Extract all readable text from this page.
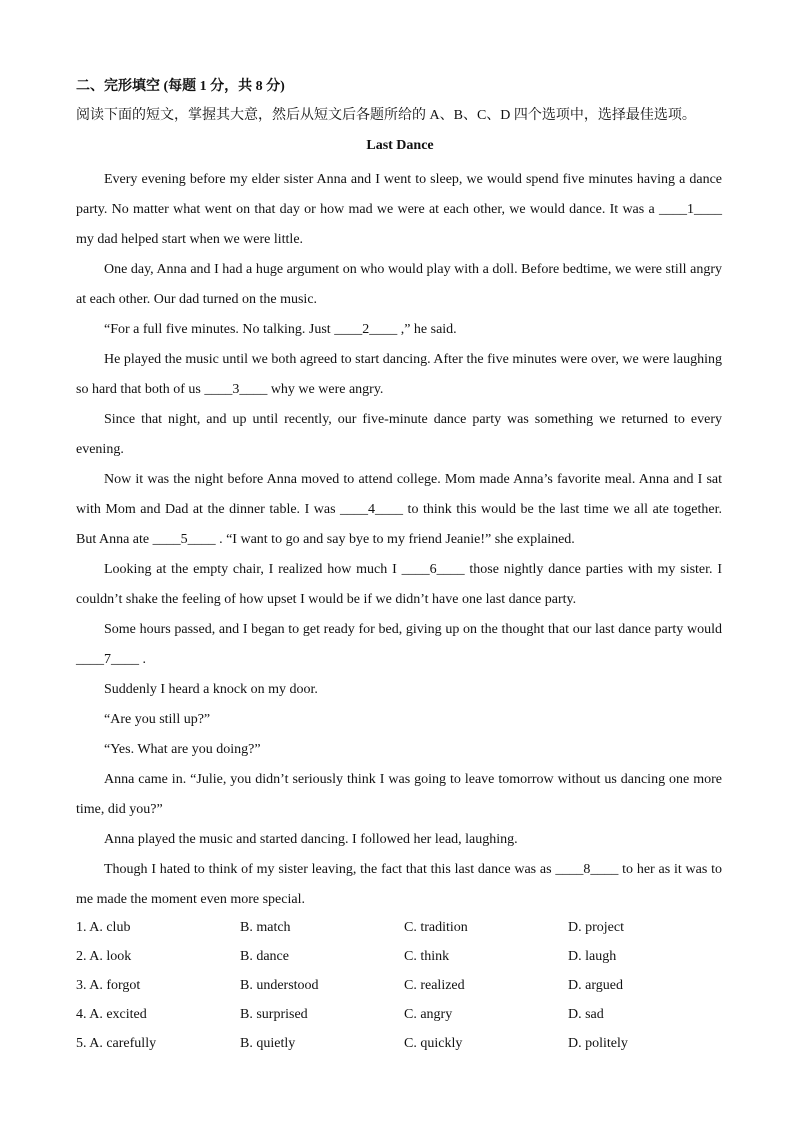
二、完形填空 (每题 1 分，共 8 分)
阅读下面的短文，掌握其大意，然后从短文后各题所给的 A、B、C、D 四个选项中，选择最佳选项。
Last Dance

Every evening before my elder sister Anna and I went to sleep, we would spend five minutes having a dance party. No matter what went on that day or how mad we were at each other, we would dance. It was a ____1____ my dad helped start when we were little.

One day, Anna and I had a huge argument on who would play with a doll. Before bedtime, we were still angry at each other. Our dad turned on the music.

“For a full five minutes. No talking. Just ____2____ ,” he said.

He played the music until we both agreed to start dancing. After the five minutes were over, we were laughing so hard that both of us ____3____ why we were angry.

Since that night, and up until recently, our five-minute dance party was something we returned to every evening.

Now it was the night before Anna moved to attend college. Mom made Anna’s favorite meal. Anna and I sat with Mom and Dad at the dinner table. I was ____4____ to think this would be the last time we all ate together. But Anna ate ____5____ . “I want to go and say bye to my friend Jeanie!” she explained.

Looking at the empty chair, I realized how much I ____6____ those nightly dance parties with my sister. I couldn’t shake the feeling of how upset I would be if we didn’t have one last dance party.

Some hours passed, and I began to get ready for bed, giving up on the thought that our last dance party would ____7____ .

Suddenly I heard a knock on my door.

“Are you still up?”

“Yes. What are you doing?”

Anna came in. “Julie, you didn’t seriously think I was going to leave tomorrow without us dancing one more time, did you?”

Anna played the music and started dancing. I followed her lead, laughing.

Though I hated to think of my sister leaving, the fact that this last dance was as ____8____ to her as it was to me made the moment even more special.

1. A. club	B. match	C. tradition	D. project
2. A. look	B. dance	C. think	D. laugh
3. A. forgot	B. understood	C. realized	D. argued
4. A. excited	B. surprised	C. angry	D. sad
5. A. carefully	B. quietly	C. quickly	D. politely
